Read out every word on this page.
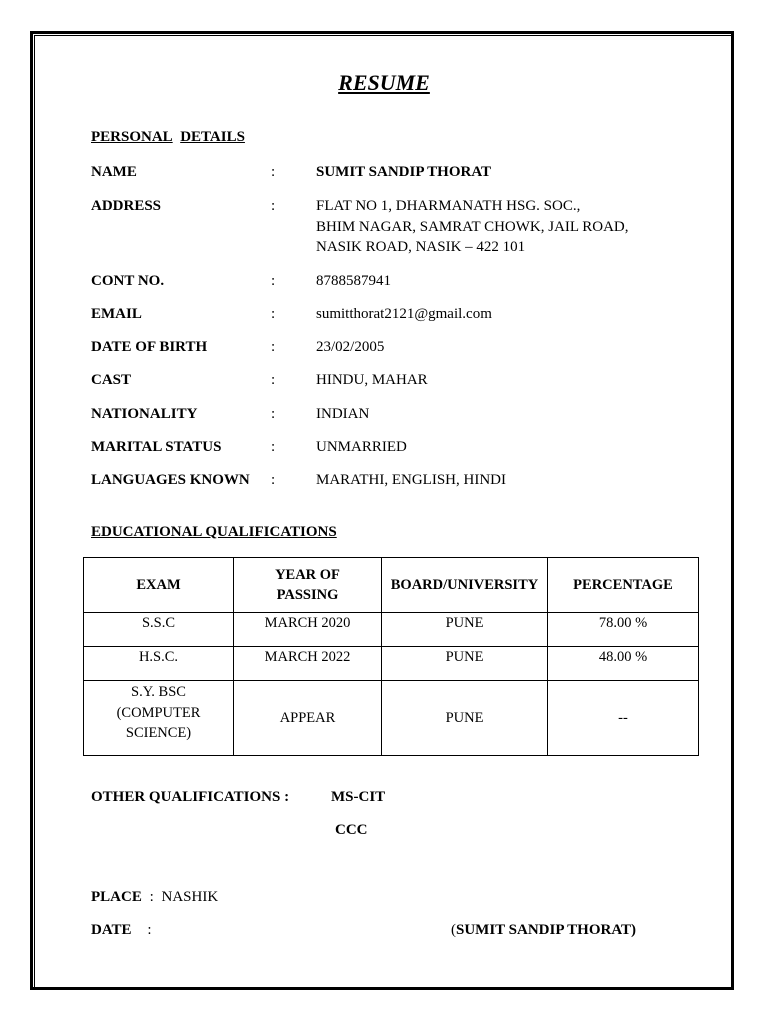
RESUME
PERSONAL DETAILS
NAME	:	SUMIT SANDIP THORAT
ADDRESS	:	FLAT NO 1, DHARMANATH HSG. SOC.,
BHIM NAGAR, SAMRAT CHOWK, JAIL ROAD,
NASIK ROAD, NASIK – 422 101
CONT NO.	:	8788587941
EMAIL	:	sumitthorat2121@gmail.com
DATE OF BIRTH	:	23/02/2005
CAST	:	HINDU, MAHAR
NATIONALITY	:	INDIAN
MARITAL STATUS	:	UNMARRIED
LANGUAGES KNOWN :	MARATHI, ENGLISH, HINDI
EDUCATIONAL QUALIFICATIONS
EXAM	YEAR OF PASSING	BOARD/UNIVERSITY	PERCENTAGE
S.S.C	MARCH 2020	PUNE	78.00 %
H.S.C.	MARCH 2022	PUNE	48.00 %
S.Y. BSC (COMPUTER SCIENCE)	APPEAR	PUNE	--
OTHER QUALIFICATIONS :	MS-CIT
CCC
PLACE : NASHIK
DATE :	(SUMIT SANDIP THORAT)
